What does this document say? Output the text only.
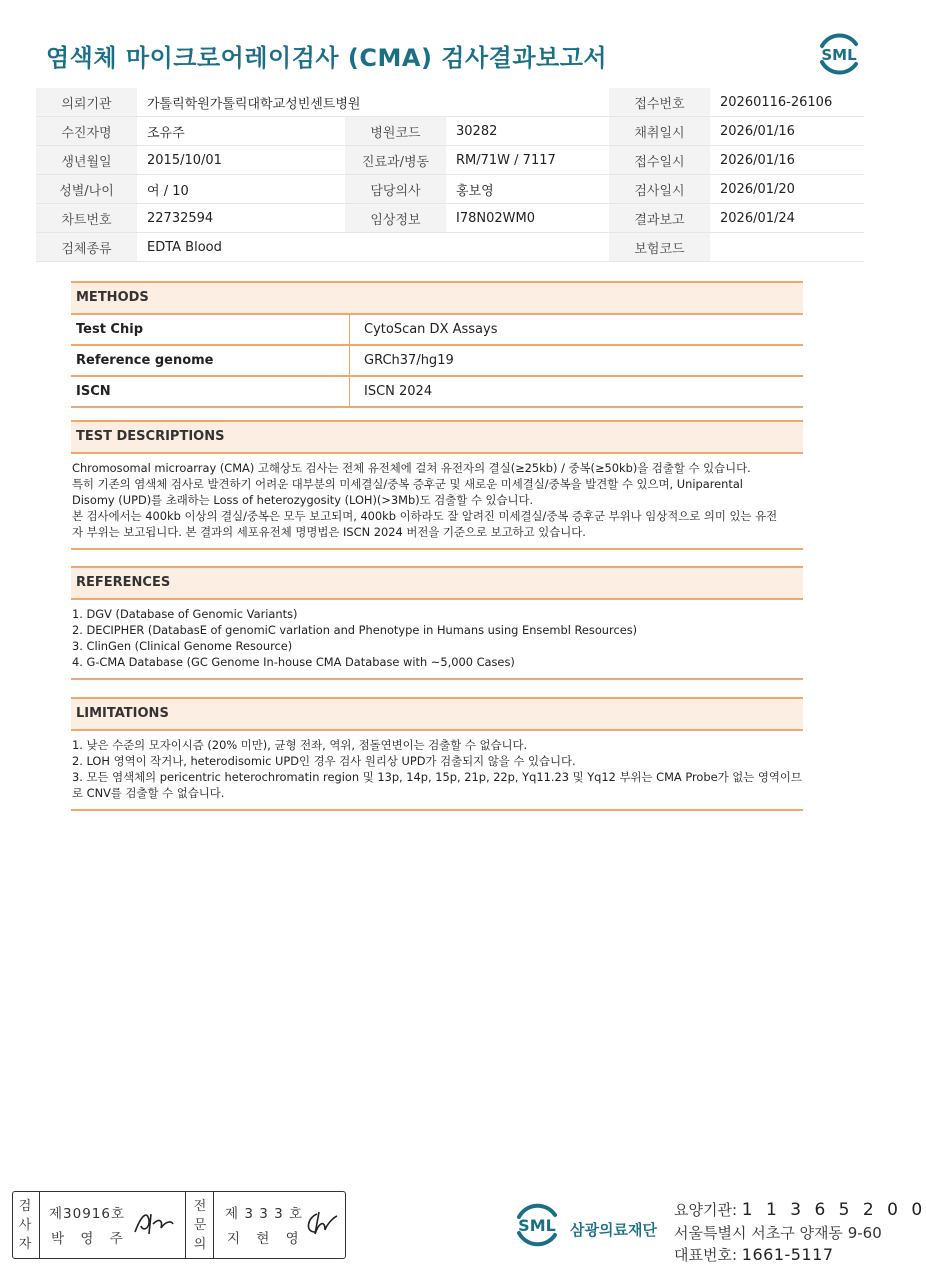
염색체 마이크로어레이검사 (CMA) 검사결과보고서	SML
의뢰기관	가톨릭학원가톨릭대학교성빈센트병원			접수번호	20260116-26106
수진자명	조유주	병원코드	30282	채취일시	2026/01/16
생년월일	2015/10/01	진료과/병동	RM/71W / 7117	접수일시	2026/01/16
성별/나이	여 / 10	담당의사	홍보영	검사일시	2026/01/20
차트번호	22732594	임상정보	I78N02WM0	결과보고	2026/01/24
검체종류	EDTA Blood			보험코드	
METHODS
Test Chip	CytoScan DX Assays
Reference genome	GRCh37/hg19
ISCN	ISCN 2024
TEST DESCRIPTIONS
Chromosomal microarray (CMA) 고해상도 검사는 전체 유전체에 걸쳐 유전자의 결실(≥25kb) / 중복(≥50kb)을 검출할 수 있습니다.
특히 기존의 염색체 검사로 발견하기 어려운 대부분의 미세결실/중복 증후군 및 새로운 미세결실/중복을 발견할 수 있으며, Uniparental
Disomy (UPD)를 초래하는 Loss of heterozygosity (LOH)(>3Mb)도 검출할 수 있습니다.
본 검사에서는 400kb 이상의 결실/중복은 모두 보고되며, 400kb 이하라도 잘 알려진 미세결실/중복 증후군 부위나 임상적으로 의미 있는 유전
자 부위는 보고됩니다. 본 결과의 세포유전체 명명법은 ISCN 2024 버전을 기준으로 보고하고 있습니다.
REFERENCES
1. DGV (Database of Genomic Variants)
2. DECIPHER (DatabasE of genomiC varIation and Phenotype in Humans using Ensembl Resources)
3. ClinGen (Clinical Genome Resource)
4. G-CMA Database (GC Genome In-house CMA Database with ~5,000 Cases)
LIMITATIONS
1. 낮은 수준의 모자이시즘 (20% 미만), 균형 전좌, 역위, 점돌연변이는 검출할 수 없습니다.
2. LOH 영역이 작거나, heterodisomic UPD인 경우 검사 원리상 UPD가 검출되지 않을 수 있습니다.
3. 모든 염색체의 pericentric heterochromatin region 및 13p, 14p, 15p, 21p, 22p, Yq11.23 및 Yq12 부위는 CMA Probe가 없는 영역이므
로 CNV를 검출할 수 없습니다.
검
사
자
제30916호
박 영 주
전
문
의
제 3 3 3 호
지 현 영
SML 삼광의료재단
요양기관: 1 1 3 6 5 2 0 0
서울특별시 서초구 양재동 9-60
대표번호: 1661-5117
